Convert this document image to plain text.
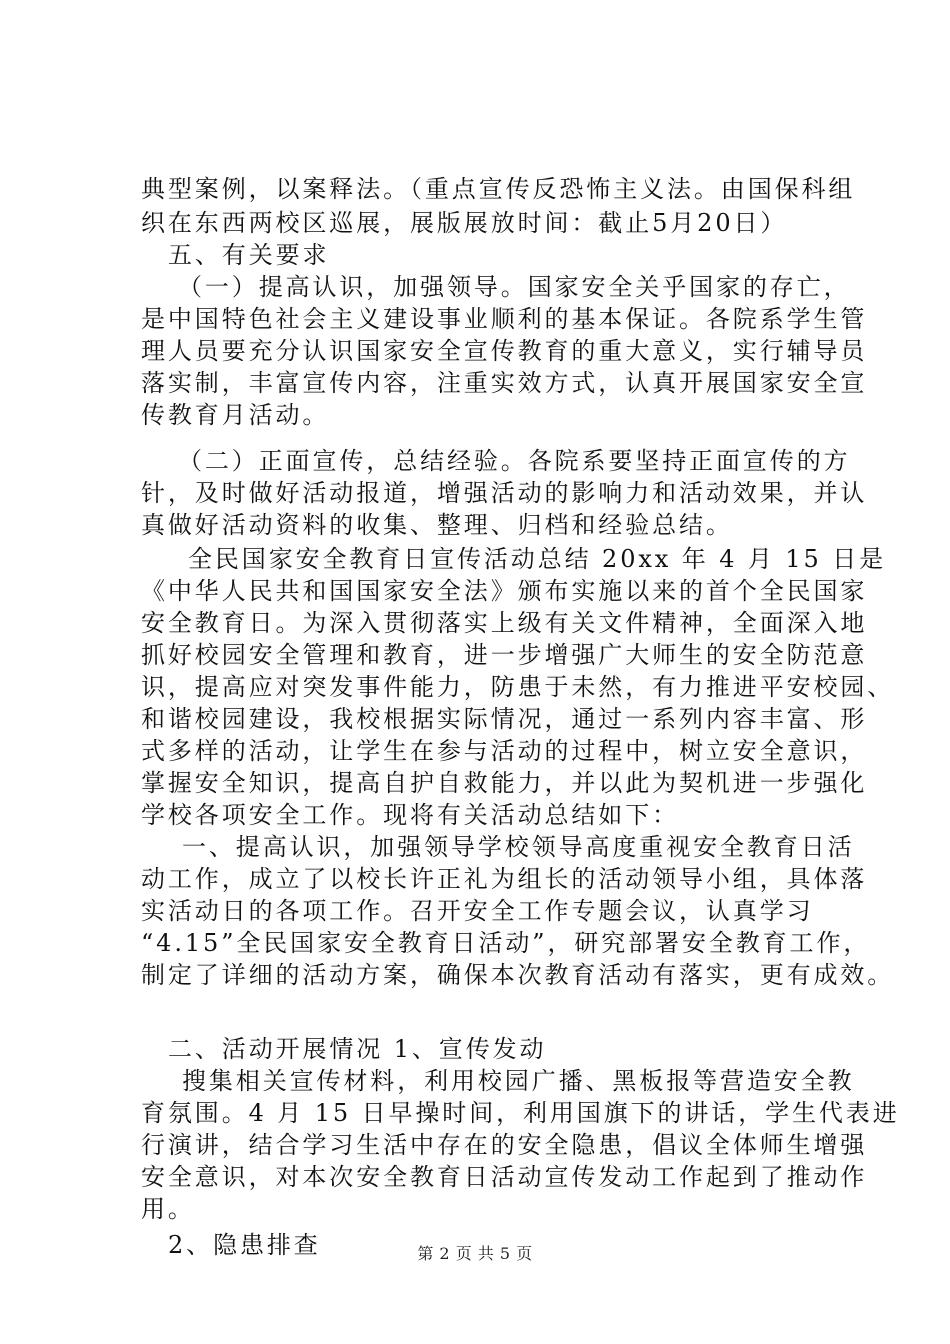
典型案例，以案释法。（重点宣传反恐怖主义法。由国保科组
织在东西两校区巡展，展版展放时间：截止5月20日）
五、有关要求
（一）提高认识，加强领导。国家安全关乎国家的存亡，
是中国特色社会主义建设事业顺利的基本保证。各院系学生管
理人员要充分认识国家安全宣传教育的重大意义，实行辅导员
落实制，丰富宣传内容，注重实效方式，认真开展国家安全宣
传教育月活动。
（二）正面宣传，总结经验。各院系要坚持正面宣传的方
针，及时做好活动报道，增强活动的影响力和活动效果，并认
真做好活动资料的收集、整理、归档和经验总结。
全民国家安全教育日宣传活动总结 20xx 年 4 月 15 日是
《中华人民共和国国家安全法》颁布实施以来的首个全民国家
安全教育日。为深入贯彻落实上级有关文件精神，全面深入地
抓好校园安全管理和教育，进一步增强广大师生的安全防范意
识，提高应对突发事件能力，防患于未然，有力推进平安校园、
和谐校园建设，我校根据实际情况，通过一系列内容丰富、形
式多样的活动，让学生在参与活动的过程中，树立安全意识，
掌握安全知识，提高自护自救能力，并以此为契机进一步强化
学校各项安全工作。现将有关活动总结如下：
一、提高认识，加强领导学校领导高度重视安全教育日活
动工作，成立了以校长许正礼为组长的活动领导小组，具体落
实活动日的各项工作。召开安全工作专题会议，认真学习
“4.15”全民国家安全教育日活动”，研究部署安全教育工作，
制定了详细的活动方案，确保本次教育活动有落实，更有成效。
二、活动开展情况 1、宣传发动
搜集相关宣传材料，利用校园广播、黑板报等营造安全教
育氛围。4 月 15 日早操时间，利用国旗下的讲话，学生代表进
行演讲，结合学习生活中存在的安全隐患，倡议全体师生增强
安全意识，对本次安全教育日活动宣传发动工作起到了推动作
用。
2、隐患排查	第 2 页 共 5 页
